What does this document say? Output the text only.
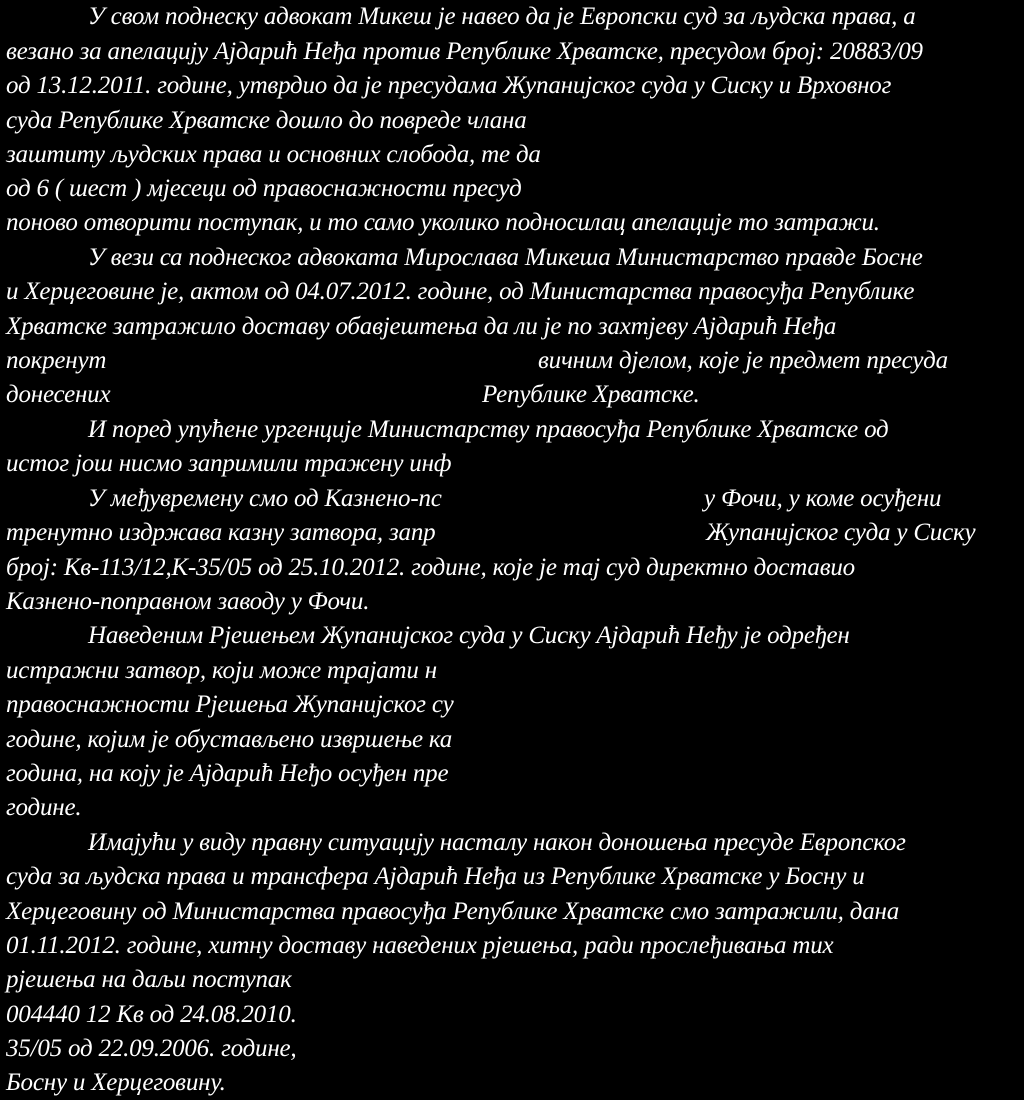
У свом поднеску адвокат Микеш је навео да је Европски суд за људска права, а
везано за апелацију Ајдарић Неђа против Републике Хрватске, пресудом број: 20883/09
од 13.12.2011. године, утврдио да је пресудама Жупанијског суда у Сиску и Врховног
суда Републике Хрватске дошло до повреде члана
заштиту људских права и основних слобода, те да
од 6 ( шест ) мјесеци од правоснажности пресуд
поново отворити поступак, и то само уколико подносилац апелације то затражи.
У вези са поднеског адвоката Мирослава Микеша Министарство правде Босне
и Херцеговине је, актом од 04.07.2012. године, од Министарства правосуђа Републике
Хрватске затражило доставу обавјештења да ли је по захтјеву Ајдарић Неђа
покренут	вичним дјелом, које је предмет пресуда
донесених	Републике Хрватске.
И поред упућене ургенције Министарству правосуђа Републике Хрватске од
истог још нисмо запримили тражену инф
У међувремену смо од Казнено-пс	у Фочи, у коме осуђени
тренутно издржава казну затвора, запр	Жупанијског суда у Сиску
број: Кв-113/12,К-35/05 од 25.10.2012. године, које је тај суд директно доставио
Казнено-поправном заводу у Фочи.
Наведеним Рјешењем Жупанијског суда у Сиску Ајдарић Неђу је одређен
истражни затвор, који може трајати н
правоснажности Рјешења Жупанијског су
године, којим је обустављено извршење ка
година, на коју је Ајдарић Неђо осуђен пре
године.
Имајући у виду правну ситуацију насталу након доношења пресуде Европског
суда за људска права и трансфера Ајдарић Неђа из Републике Хрватске у Босну и
Херцеговину од Министарства правосуђа Републике Хрватске смо затражили, дана
01.11.2012. године, хитну доставу наведених рјешења, ради прослеђивања тих
рјешења на даљи поступак
004440 12 Кв од 24.08.2010.
35/05 од 22.09.2006. године,
Босну и Херцеговину.
